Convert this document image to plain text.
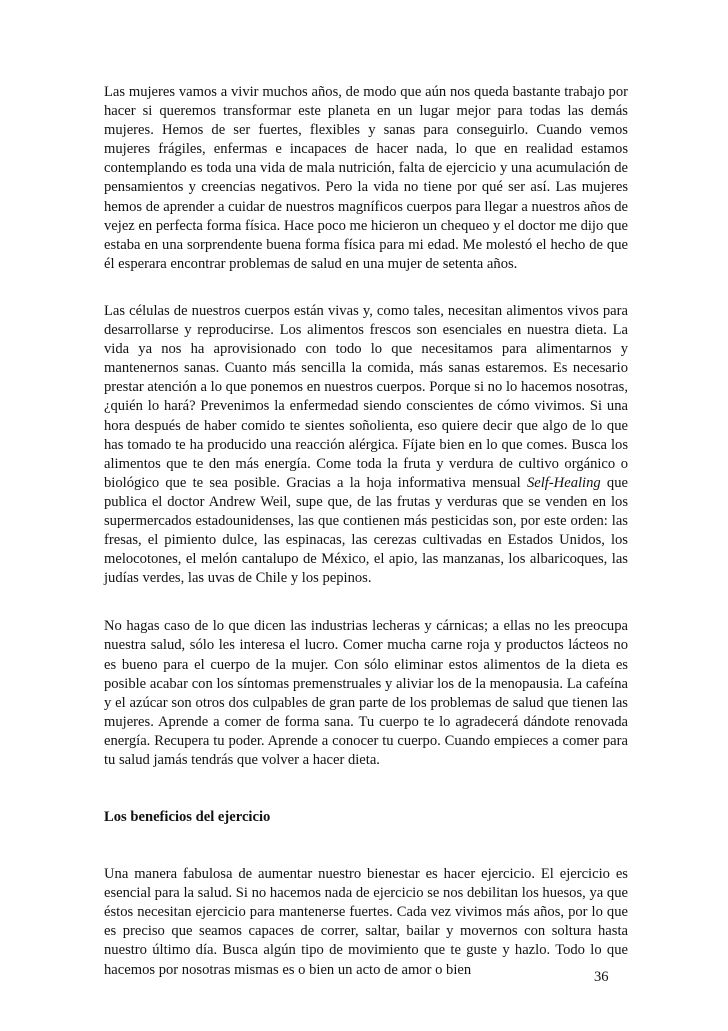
Las mujeres vamos a vivir muchos años, de modo que aún nos queda bastante trabajo por hacer si queremos transformar este planeta en un lugar mejor para todas las demás mujeres. Hemos de ser fuertes, flexibles y sanas para conseguirlo. Cuando vemos mujeres frágiles, enfermas e incapaces de hacer nada, lo que en realidad estamos contemplando es toda una vida de mala nutrición, falta de ejercicio y una acumulación de pensamientos y creencias negativos. Pero la vida no tiene por qué ser así. Las mujeres hemos de aprender a cuidar de nuestros magníficos cuerpos para llegar a nuestros años de vejez en perfecta forma física. Hace poco me hicieron un chequeo y el doctor me dijo que estaba en una sorprendente buena forma física para mi edad. Me molestó el hecho de que él esperara encontrar problemas de salud en una mujer de setenta años.

Las células de nuestros cuerpos están vivas y, como tales, necesitan alimentos vivos para desarrollarse y reproducirse. Los alimentos frescos son esenciales en nuestra dieta. La vida ya nos ha aprovisionado con todo lo que necesitamos para alimentarnos y mantenernos sanas. Cuanto más sencilla la comida, más sanas estaremos. Es necesario prestar atención a lo que ponemos en nuestros cuerpos. Porque si no lo hacemos nosotras, ¿quién lo hará? Prevenimos la enfermedad siendo conscientes de cómo vivimos. Si una hora después de haber comido te sientes soñolienta, eso quiere decir que algo de lo que has tomado te ha producido una reacción alérgica. Fíjate bien en lo que comes. Busca los alimentos que te den más energía. Come toda la fruta y verdura de cultivo orgánico o biológico que te sea posible. Gracias a la hoja informativa mensual Self-Healing que publica el doctor Andrew Weil, supe que, de las frutas y verduras que se venden en los supermercados estadounidenses, las que contienen más pesticidas son, por este orden: las fresas, el pimiento dulce, las espinacas, las cerezas cultivadas en Estados Unidos, los melocotones, el melón cantalupo de México, el apio, las manzanas, los albaricoques, las judías verdes, las uvas de Chile y los pepinos.

No hagas caso de lo que dicen las industrias lecheras y cárnicas; a ellas no les preocupa nuestra salud, sólo les interesa el lucro. Comer mucha carne roja y productos lácteos no es bueno para el cuerpo de la mujer. Con sólo eliminar estos alimentos de la dieta es posible acabar con los síntomas premenstruales y aliviar los de la menopausia. La cafeína y el azúcar son otros dos culpables de gran parte de los problemas de salud que tienen las mujeres. Aprende a comer de forma sana. Tu cuerpo te lo agradecerá dándote renovada energía. Recupera tu poder. Aprende a conocer tu cuerpo. Cuando empieces a comer para tu salud jamás tendrás que volver a hacer dieta.

Los beneficios del ejercicio

Una manera fabulosa de aumentar nuestro bienestar es hacer ejercicio. El ejercicio es esencial para la salud. Si no hacemos nada de ejercicio se nos debilitan los huesos, ya que éstos necesitan ejercicio para mantenerse fuertes. Cada vez vivimos más años, por lo que es preciso que seamos capaces de correr, saltar, bailar y movernos con soltura hasta nuestro último día. Busca algún tipo de movimiento que te guste y hazlo. Todo lo que hacemos por nosotras mismas es o bien un acto de amor o bien	36
